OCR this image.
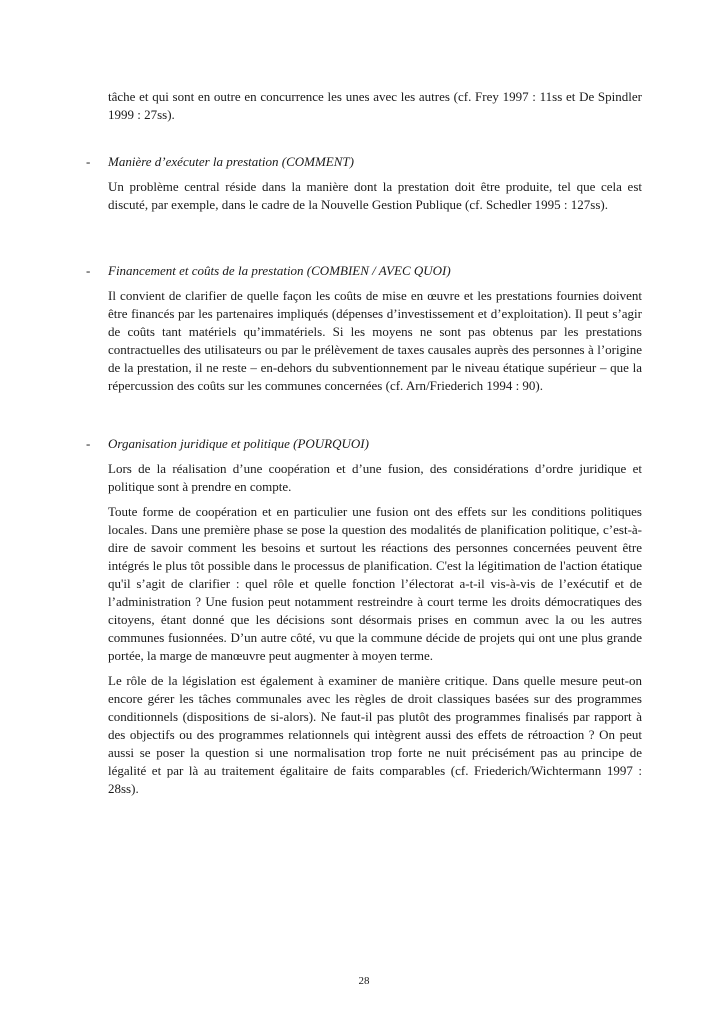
tâche et qui sont en outre en concurrence les unes avec les autres (cf. Frey 1997 : 11ss et De Spindler 1999 : 27ss).

- Manière d’exécuter la prestation (COMMENT)

Un problème central réside dans la manière dont la prestation doit être produite, tel que cela est discuté, par exemple, dans le cadre de la Nouvelle Gestion Publique (cf. Schedler 1995 : 127ss).

- Financement et coûts de la prestation (COMBIEN / AVEC QUOI)

Il convient de clarifier de quelle façon les coûts de mise en œuvre et les prestations fournies doivent être financés par les partenaires impliqués (dépenses d’investissement et d’exploitation). Il peut s’agir de coûts tant matériels qu’immatériels. Si les moyens ne sont pas obtenus par les prestations contractuelles des utilisateurs ou par le prélèvement de taxes causales auprès des personnes à l’origine de la prestation, il ne reste – en-dehors du subventionnement par le niveau étatique supérieur – que la répercussion des coûts sur les communes concernées (cf. Arn/Friederich 1994 : 90).

- Organisation juridique et politique (POURQUOI)

Lors de la réalisation d’une coopération et d’une fusion, des considérations d’ordre juridique et politique sont à prendre en compte.

Toute forme de coopération et en particulier une fusion ont des effets sur les conditions politiques locales. Dans une première phase se pose la question des modalités de planification politique, c’est-à-dire de savoir comment les besoins et surtout les réactions des personnes concernées peuvent être intégrés le plus tôt possible dans le processus de planification. C'est la légitimation de l'action étatique qu'il s’agit de clarifier : quel rôle et quelle fonction l’électorat a-t-il vis-à-vis de l’exécutif et de l’administration ? Une fusion peut notamment restreindre à court terme les droits démocratiques des citoyens, étant donné que les décisions sont désormais prises en commun avec la ou les autres communes fusionnées. D’un autre côté, vu que la commune décide de projets qui ont une plus grande portée, la marge de manœuvre peut augmenter à moyen terme.

Le rôle de la législation est également à examiner de manière critique. Dans quelle mesure peut-on encore gérer les tâches communales avec les règles de droit classiques basées sur des programmes conditionnels (dispositions de si-alors). Ne faut-il pas plutôt des programmes finalisés par rapport à des objectifs ou des programmes relationnels qui intègrent aussi des effets de rétroaction ? On peut aussi se poser la question si une normalisation trop forte ne nuit précisément pas au principe de légalité et par là au traitement égalitaire de faits comparables (cf. Friederich/Wichtermann 1997 : 28ss).

28
